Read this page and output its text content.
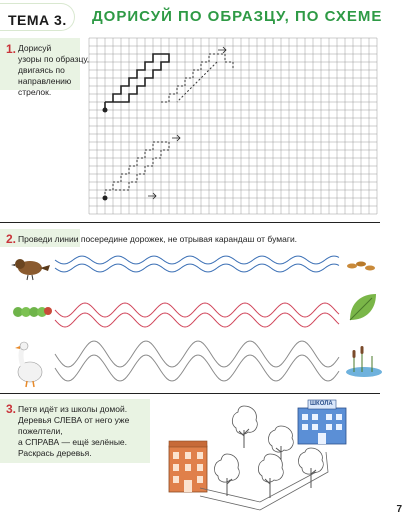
ТЕМА 3. ДОРИСУЙ ПО ОБРАЗЦУ, ПО СХЕМЕ
1. Дорисуй
узоры по образцу,
двигаясь по
направлению
стрелок.
2. Проведи линии посередине дорожек, не отрывая карандаш от бумаги.
3. Петя идёт из школы домой.
Деревья СЛЕВА от него уже
пожелтели,
а СПРАВА — ещё зелёные.
Раскрась деревья.
ШКОЛА
7
